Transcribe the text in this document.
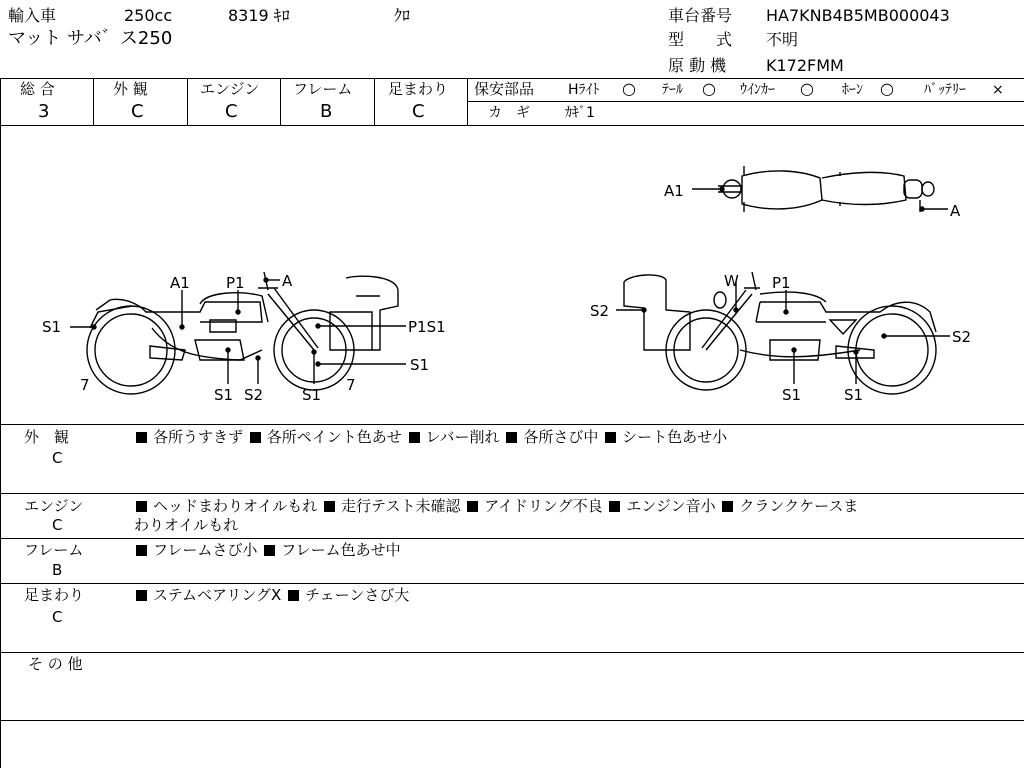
輸入車	250cc	8319 ｷﾛ	ｸﾛ
マット サバ゛ス250
車台番号 HA7KNB4B5MB000043
型　　式 不明
原 動 機 K172FMM
総 合
3
外 観
C
エンジン
C
フレーム
B
足まわり
C
保安部品 Hﾗｲﾄ ○ ﾃｰﾙ ○ ｳｲﾝｶｰ ○ ﾎｰﾝ ○ ﾊﾞｯﾃﾘｰ ×
カ　ギ	ｶｷﾞ1
A1
A
S1
A1 P1 A
P1S1
S1
7	7
S1 S2	S1
W P1
S2
S2
S1	S1
外　観
C
各所うすきず 各所ペイント色あせ レバー削れ 各所さび中 シート色あせ小
エンジン
C
ヘッドまわりオイルもれ 走行テスト未確認 アイドリング不良 エンジン音小 クランクケースま
わりオイルもれ
フレーム
B
フレームさび小 フレーム色あせ中
足まわり
C
ステムベアリングX チェーンさび大
そ の 他
